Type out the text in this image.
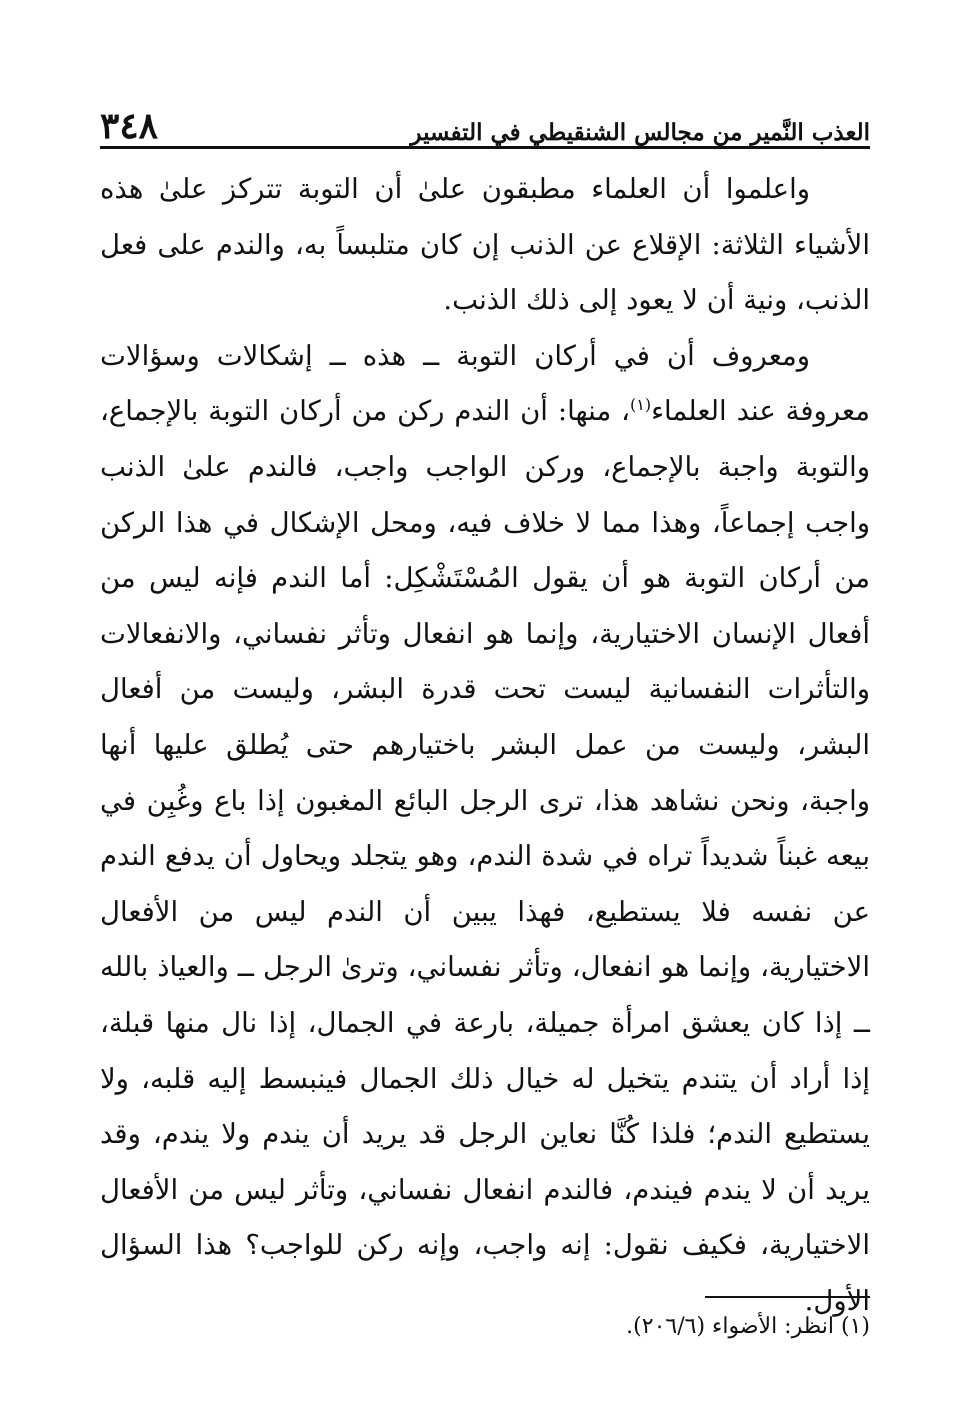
العذب النَّمير من مجالس الشنقيطي في التفسير
٣٤٨

واعلموا أن العلماء مطبقون علىٰ أن التوبة تتركز علىٰ هذه الأشياء الثلاثة: الإقلاع عن الذنب إن كان متلبساً به، والندم على فعل الذنب، ونية أن لا يعود إلى ذلك الذنب.

ومعروف أن في أركان التوبة ــ هذه ــ إشكالات وسؤالات معروفة عند العلماء$^{(١)}$، منها: أن الندم ركن من أركان التوبة بالإجماع، والتوبة واجبة بالإجماع، وركن الواجب واجب، فالندم علىٰ الذنب واجب إجماعاً، وهذا مما لا خلاف فيه، ومحل الإشكال في هذا الركن من أركان التوبة هو أن يقول المُسْتَشْكِل: أما الندم فإنه ليس من أفعال الإنسان الاختيارية، وإنما هو انفعال وتأثر نفساني، والانفعالات والتأثرات النفسانية ليست تحت قدرة البشر، وليست من أفعال البشر، وليست من عمل البشر باختيارهم حتى يُطلق عليها أنها واجبة، ونحن نشاهد هذا، ترى الرجل البائع المغبون إذا باع وغُبِن في بيعه غبناً شديداً تراه في شدة الندم، وهو يتجلد ويحاول أن يدفع الندم عن نفسه فلا يستطيع، فهذا يبين أن الندم ليس من الأفعال الاختيارية، وإنما هو انفعال، وتأثر نفساني، وترىٰ الرجل ــ والعياذ بالله ــ إذا كان يعشق امرأة جميلة، بارعة في الجمال، إذا نال منها قبلة، إذا أراد أن يتندم يتخيل له خيال ذلك الجمال فينبسط إليه قلبه، ولا يستطيع الندم؛ فلذا كُنَّا نعاين الرجل قد يريد أن يندم ولا يندم، وقد يريد أن لا يندم فيندم، فالندم انفعال نفساني، وتأثر ليس من الأفعال الاختيارية، فكيف نقول: إنه واجب، وإنه ركن للواجب؟ هذا السؤال الأول.

(١) انظر: الأضواء (٢٠٦/٦).
